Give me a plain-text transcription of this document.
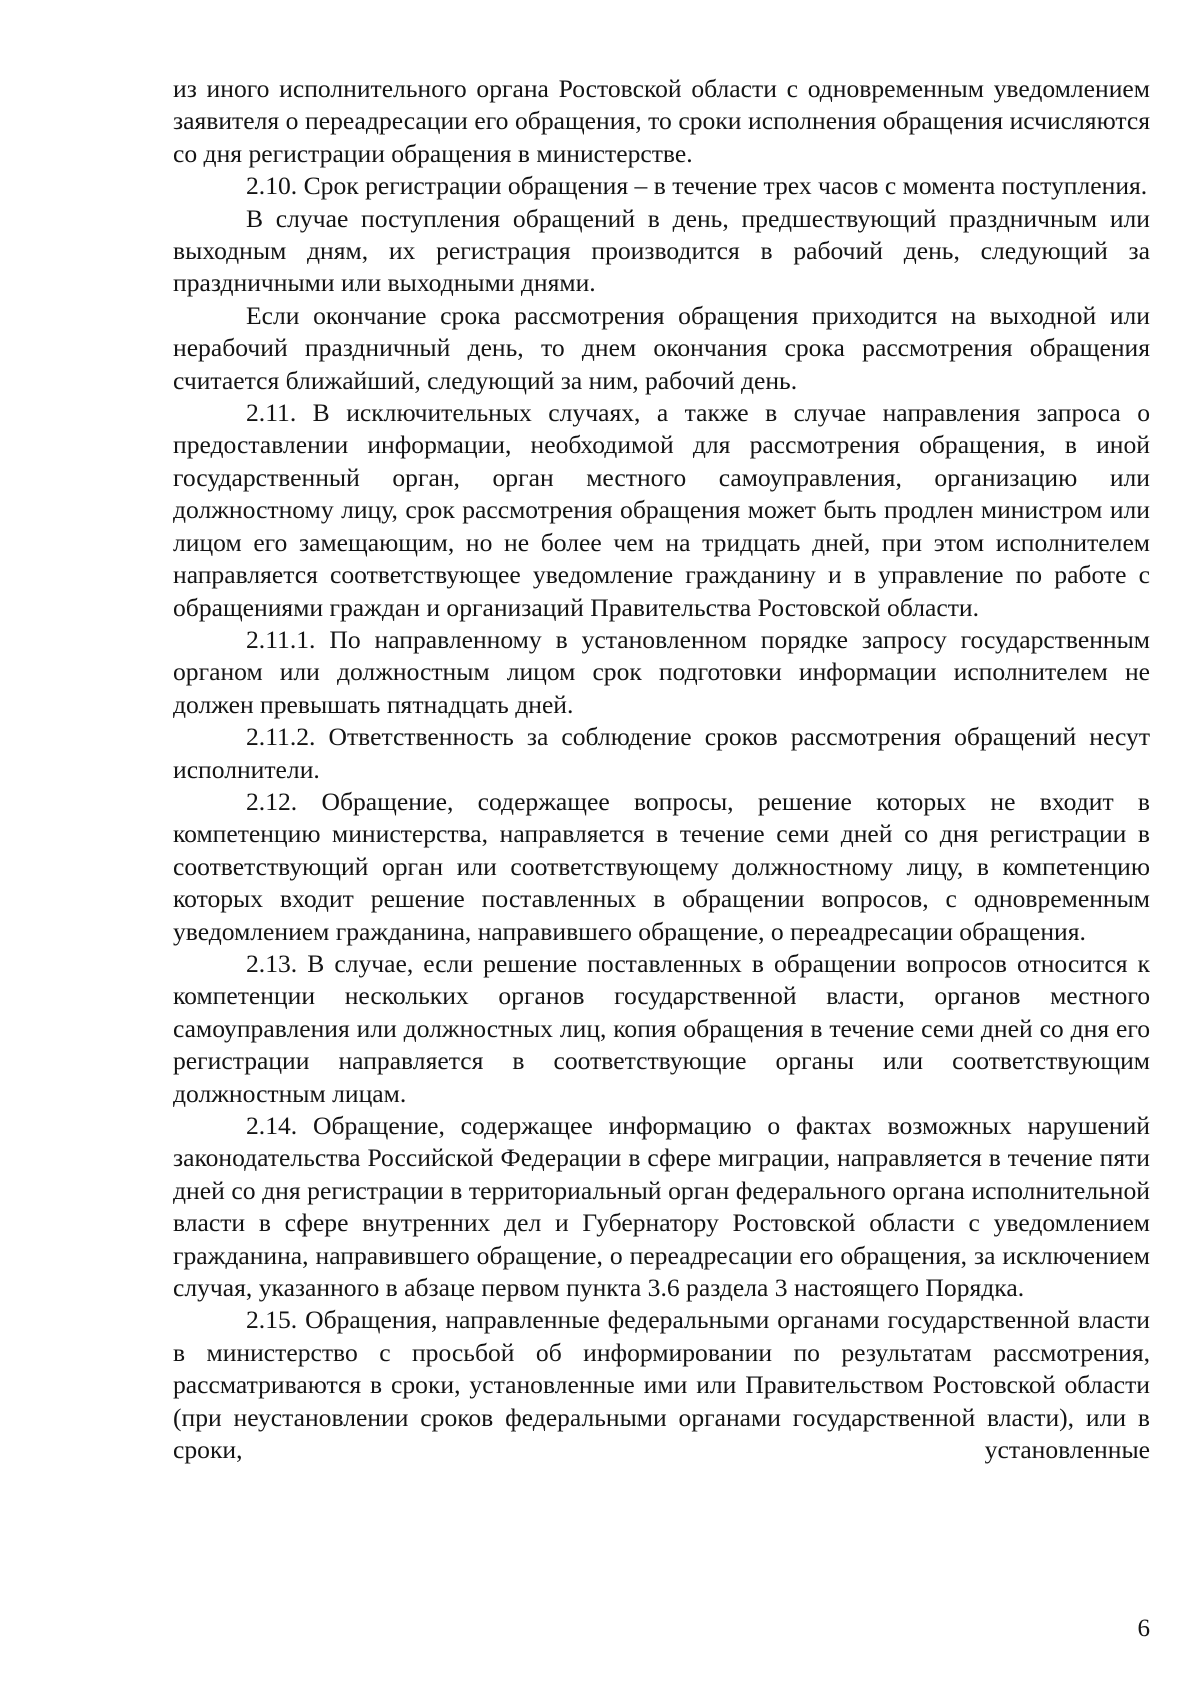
из иного исполнительного органа Ростовской области с одновременным уведомлением заявителя о переадресации его обращения, то сроки исполнения обращения исчисляются со дня регистрации обращения в министерстве.

2.10. Срок регистрации обращения – в течение трех часов с момента поступления.

В случае поступления обращений в день, предшествующий праздничным или выходным дням, их регистрация производится в рабочий день, следующий за праздничными или выходными днями.

Если окончание срока рассмотрения обращения приходится на выходной или нерабочий праздничный день, то днем окончания срока рассмотрения обращения считается ближайший, следующий за ним, рабочий день.

2.11. В исключительных случаях, а также в случае направления запроса о предоставлении информации, необходимой для рассмотрения обращения, в иной государственный орган, орган местного самоуправления, организацию или должностному лицу, срок рассмотрения обращения может быть продлен министром или лицом его замещающим, но не более чем на тридцать дней, при этом исполнителем направляется соответствующее уведомление гражданину и в управление по работе с обращениями граждан и организаций Правительства Ростовской области.

2.11.1. По направленному в установленном порядке запросу государственным органом или должностным лицом срок подготовки информации исполнителем не должен превышать пятнадцать дней.

2.11.2. Ответственность за соблюдение сроков рассмотрения обращений несут исполнители.

2.12. Обращение, содержащее вопросы, решение которых не входит в компетенцию министерства, направляется в течение семи дней со дня регистрации в соответствующий орган или соответствующему должностному лицу, в компетенцию которых входит решение поставленных в обращении вопросов, с одновременным уведомлением гражданина, направившего обращение, о переадресации обращения.

2.13. В случае, если решение поставленных в обращении вопросов относится к компетенции нескольких органов государственной власти, органов местного самоуправления или должностных лиц, копия обращения в течение семи дней со дня его регистрации направляется в соответствующие органы или соответствующим должностным лицам.

2.14. Обращение, содержащее информацию о фактах возможных нарушений законодательства Российской Федерации в сфере миграции, направляется в течение пяти дней со дня регистрации в территориальный орган федерального органа исполнительной власти в сфере внутренних дел и Губернатору Ростовской области с уведомлением гражданина, направившего обращение, о переадресации его обращения, за исключением случая, указанного в абзаце первом пункта 3.6 раздела 3 настоящего Порядка.

2.15. Обращения, направленные федеральными органами государственной власти в министерство с просьбой об информировании по результатам рассмотрения, рассматриваются в сроки, установленные ими или Правительством Ростовской области (при неустановлении сроков федеральными органами государственной власти), или в сроки, установленные

6
